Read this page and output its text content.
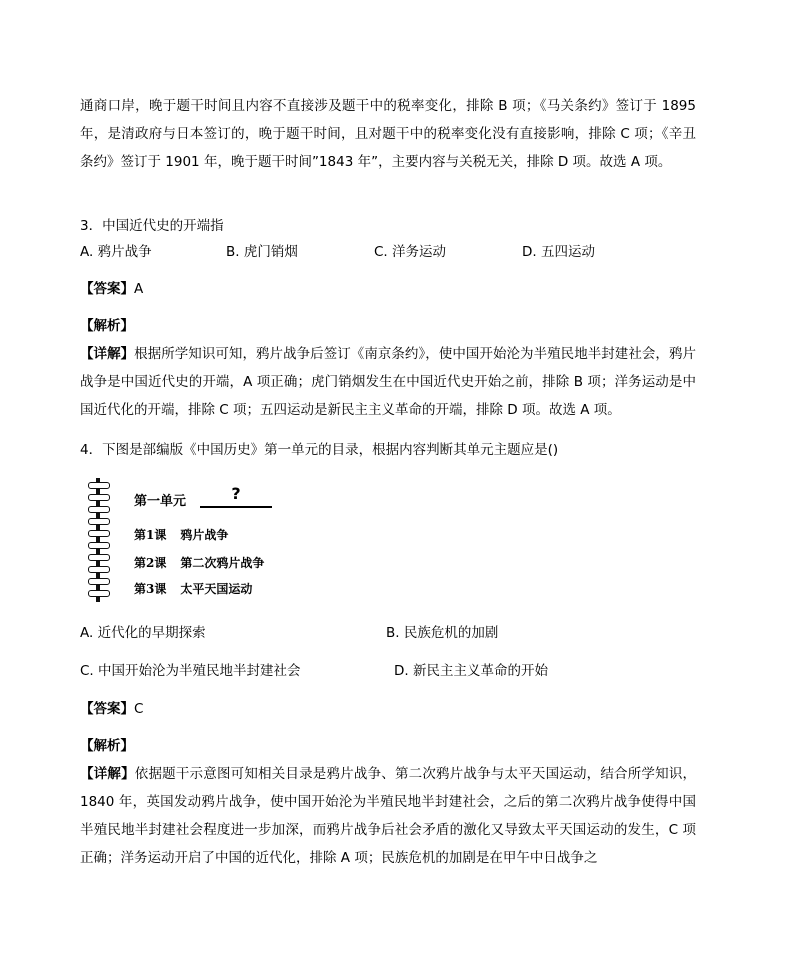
通商口岸，晚于题干时间且内容不直接涉及题干中的税率变化，排除 B 项；《马关条约》签订于 1895 年，是清政府与日本签订的，晚于题干时间，且对题干中的税率变化没有直接影响，排除 C 项；《辛丑条约》签订于 1901 年，晚于题干时间”1843 年”，主要内容与关税无关，排除 D 项。故选 A 项。

3．中国近代史的开端指

A. 鸦片战争	B. 虎门销烟	C. 洋务运动	D. 五四运动

【答案】A

【解析】

【详解】根据所学知识可知，鸦片战争后签订《南京条约》，使中国开始沦为半殖民地半封建社会，鸦片战争是中国近代史的开端，A 项正确；虎门销烟发生在中国近代史开始之前，排除 B 项；洋务运动是中国近代化的开端，排除 C 项；五四运动是新民主主义革命的开端，排除 D 项。故选 A 项。

4．下图是部编版《中国历史》第一单元的目录，根据内容判断其单元主题应是()

第一单元	?
第1课 鸦片战争
第2课 第二次鸦片战争
第3课 太平天国运动
A. 近代化的早期探索	B. 民族危机的加剧
C. 中国开始沦为半殖民地半封建社会	D. 新民主主义革命的开始

【答案】C

【解析】

【详解】依据题干示意图可知相关目录是鸦片战争、第二次鸦片战争与太平天国运动，结合所学知识，1840 年，英国发动鸦片战争，使中国开始沦为半殖民地半封建社会，之后的第二次鸦片战争使得中国半殖民地半封建社会程度进一步加深，而鸦片战争后社会矛盾的激化又导致太平天国运动的发生，C 项正确；洋务运动开启了中国的近代化，排除 A 项；民族危机的加剧是在甲午中日战争之
